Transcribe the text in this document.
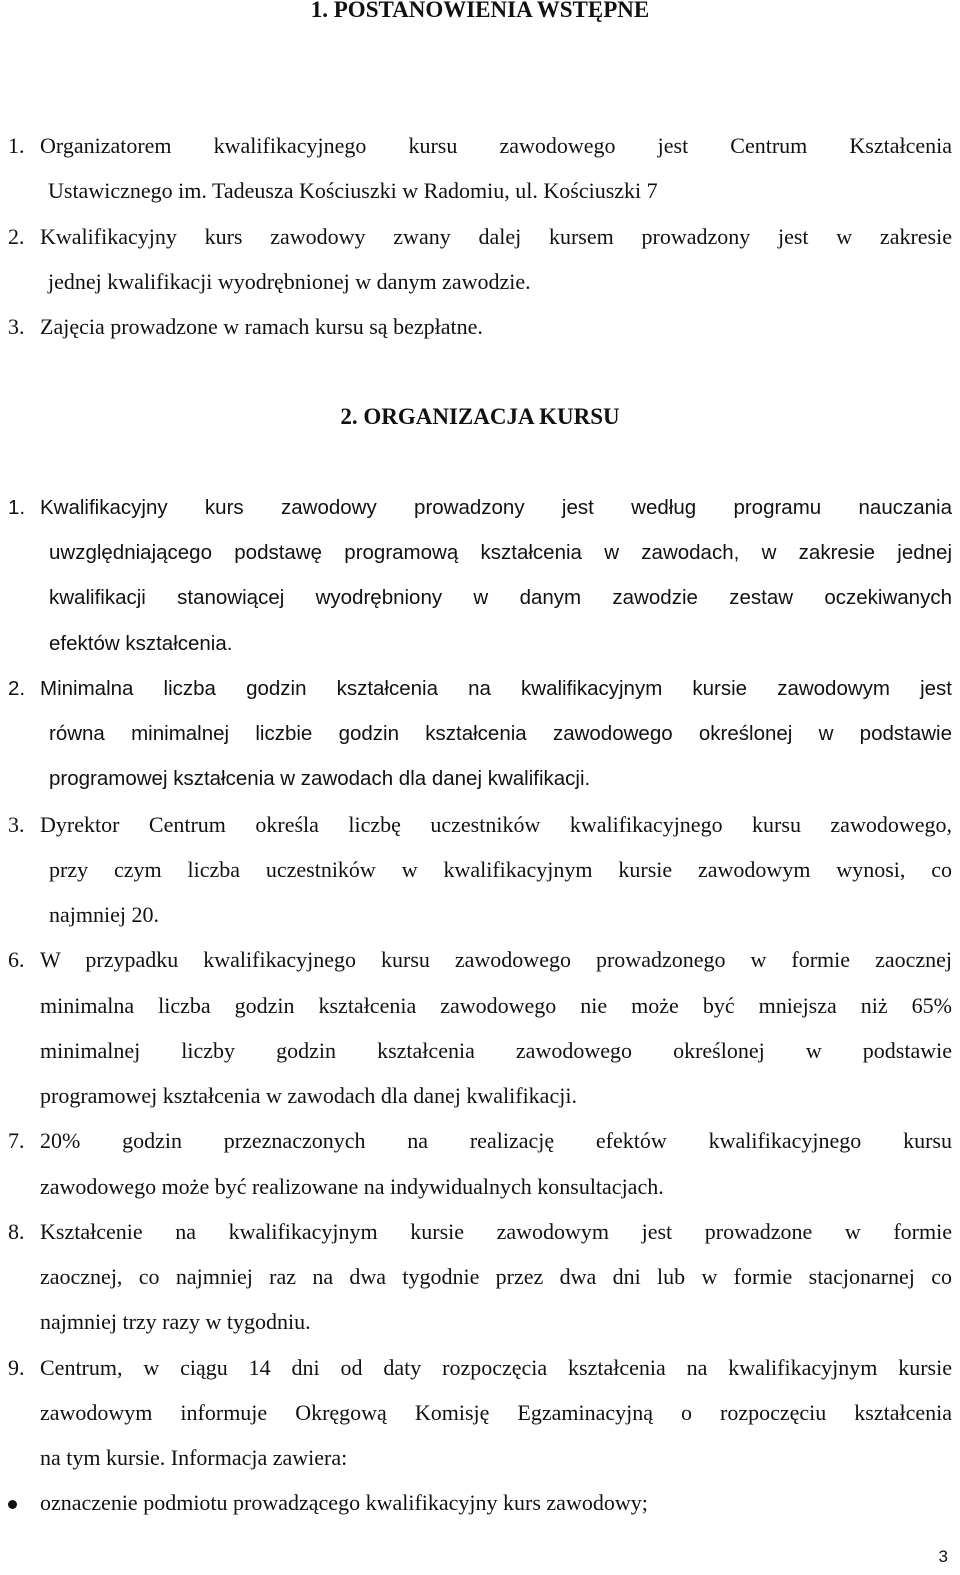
1. POSTANOWIENIA WSTĘPNE
1. Organizatorem kwalifikacyjnego kursu zawodowego jest Centrum Kształcenia
Ustawicznego im. Tadeusza Kościuszki w Radomiu, ul. Kościuszki 7
2. Kwalifikacyjny kurs zawodowy zwany dalej kursem prowadzony jest w zakresie
jednej kwalifikacji wyodrębnionej w danym zawodzie.
3. Zajęcia prowadzone w ramach kursu są bezpłatne.
2. ORGANIZACJA KURSU
1. Kwalifikacyjny kurs zawodowy prowadzony jest według programu nauczania
uwzględniającego podstawę programową kształcenia w zawodach, w zakresie jednej
kwalifikacji stanowiącej wyodrębniony w danym zawodzie zestaw oczekiwanych
efektów kształcenia.
2. Minimalna liczba godzin kształcenia na kwalifikacyjnym kursie zawodowym jest
równa minimalnej liczbie godzin kształcenia zawodowego określonej w podstawie
programowej kształcenia w zawodach dla danej kwalifikacji.
3. Dyrektor Centrum określa liczbę uczestników kwalifikacyjnego kursu zawodowego,
przy czym liczba uczestników w kwalifikacyjnym kursie zawodowym wynosi, co
najmniej 20.
6. W przypadku kwalifikacyjnego kursu zawodowego prowadzonego w formie zaocznej
minimalna liczba godzin kształcenia zawodowego nie może być mniejsza niż 65%
minimalnej liczby godzin kształcenia zawodowego określonej w podstawie
programowej kształcenia w zawodach dla danej kwalifikacji.
7. 20% godzin przeznaczonych na realizację efektów kwalifikacyjnego kursu
zawodowego może być realizowane na indywidualnych konsultacjach.
8. Kształcenie na kwalifikacyjnym kursie zawodowym jest prowadzone w formie
zaocznej, co najmniej raz na dwa tygodnie przez dwa dni lub w formie stacjonarnej co
najmniej trzy razy w tygodniu.
9. Centrum, w ciągu 14 dni od daty rozpoczęcia kształcenia na kwalifikacyjnym kursie
zawodowym informuje Okręgową Komisję Egzaminacyjną o rozpoczęciu kształcenia
na tym kursie. Informacja zawiera:
oznaczenie podmiotu prowadzącego kwalifikacyjny kurs zawodowy;
3
